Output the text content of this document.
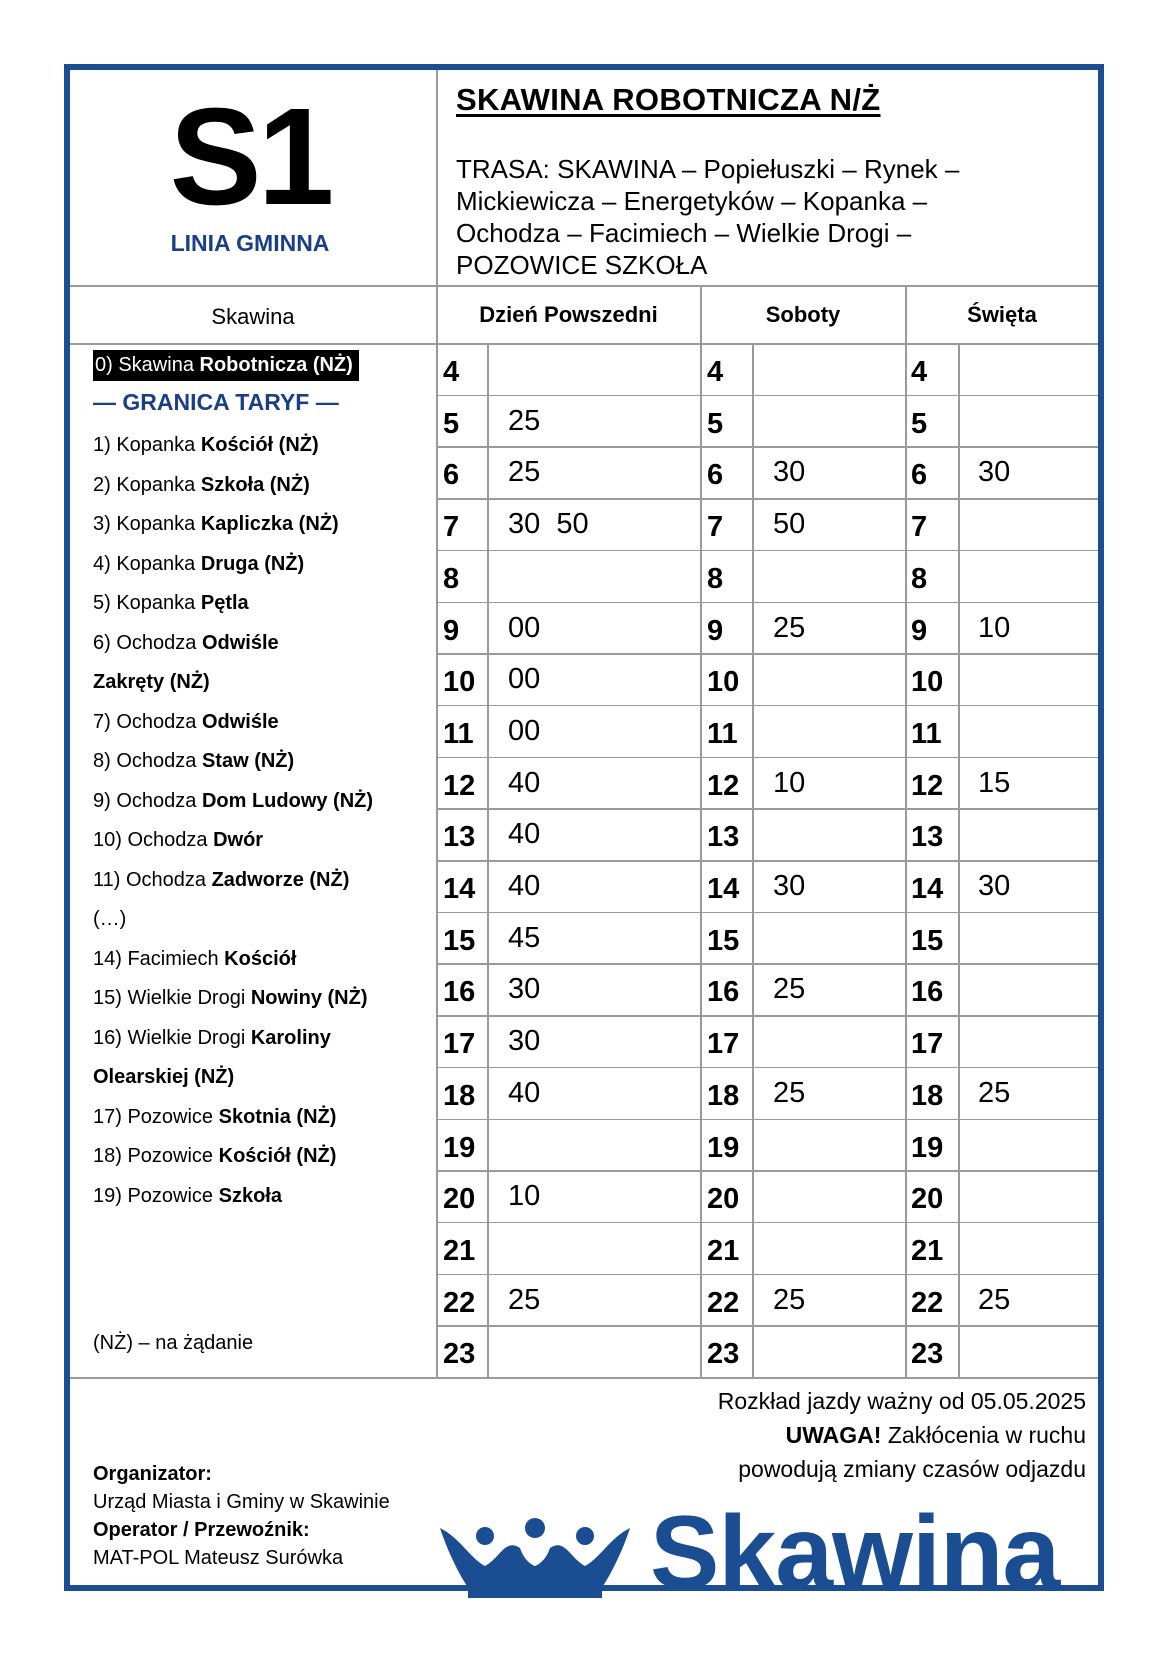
S1
LINIA GMINNA
SKAWINA ROBOTNICZA N/Ż
TRASA: SKAWINA – Popiełuszki – Rynek – Mickiewicza – Energetyków – Kopanka – Ochodza – Facimiech – Wielkie Drogi – POZOWICE SZKOŁA
Skawina	Dzień Powszedni	Soboty	Święta
0) Skawina Robotnicza (NŻ)
— GRANICA TARYF —
1) Kopanka Kościół (NŻ)
2) Kopanka Szkoła (NŻ)
3) Kopanka Kapliczka (NŻ)
4) Kopanka Druga (NŻ)
5) Kopanka Pętla
6) Ochodza Odwiśle
Zakręty (NŻ)
7) Ochodza Odwiśle
8) Ochodza Staw (NŻ)
9) Ochodza Dom Ludowy (NŻ)
10) Ochodza Dwór
11) Ochodza Zadworze (NŻ)
(…)
14) Facimiech Kościół
15) Wielkie Drogi Nowiny (NŻ)
16) Wielkie Drogi Karoliny
Olearskiej (NŻ)
17) Pozowice Skotnia (NŻ)
18) Pozowice Kościół (NŻ)
19) Pozowice Szkoła
(NŻ) – na żądanie
4	4	4
5 25	5	5
6 25	6 30	6 30
7 30  50	7 50	7
8	8	8
9 00	9 25	9 10
10 00	10	10
11 00	11	11
12 40	12 10	12 15
13 40	13	13
14 40	14 30	14 30
15 45	15	15
16 30	16 25	16
17 30	17	17
18 40	18 25	18 25
19	19	19
20 10	20	20
21	21	21
22 25	22 25	22 25
23	23	23
Rozkład jazdy ważny od 05.05.2025
UWAGA! Zakłócenia w ruchu
powodują zmiany czasów odjazdu
Organizator:
Urząd Miasta i Gminy w Skawinie
Operator / Przewoźnik:
MAT-POL Mateusz Surówka	Skawina
